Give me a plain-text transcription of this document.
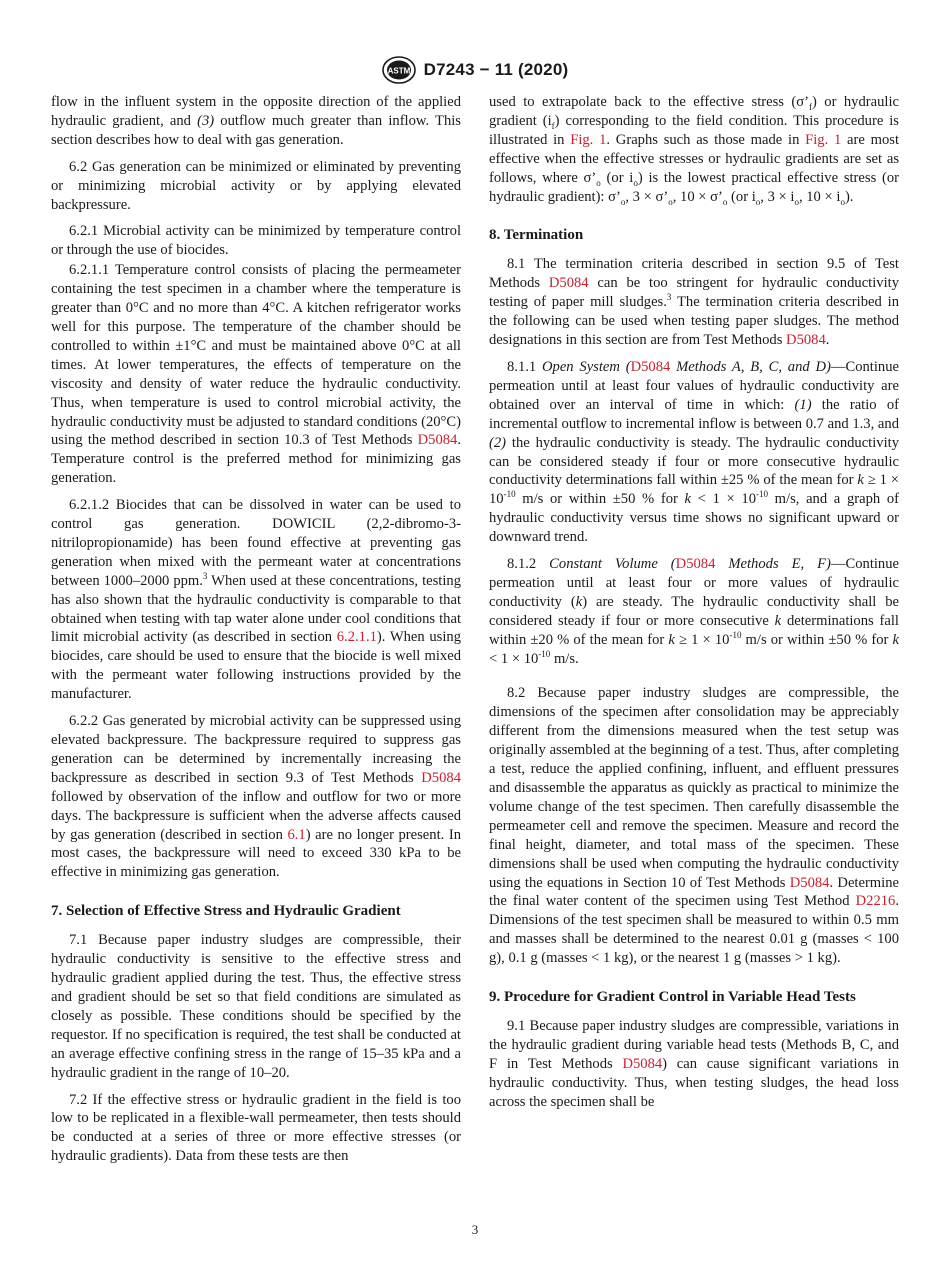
ASTM D7243 − 11 (2020)

flow in the influent system in the opposite direction of the applied hydraulic gradient, and (3) outflow much greater than inflow. This section describes how to deal with gas generation.

6.2 Gas generation can be minimized or eliminated by preventing or minimizing microbial activity or by applying elevated backpressure.

6.2.1 Microbial activity can be minimized by temperature control or through the use of biocides.

6.2.1.1 Temperature control consists of placing the permeameter containing the test specimen in a chamber where the temperature is greater than 0°C and no more than 4°C. A kitchen refrigerator works well for this purpose. The temperature of the chamber should be controlled to within ±1°C and must be maintained above 0°C at all times. At lower temperatures, the effects of temperature on the viscosity and density of water reduce the hydraulic conductivity. Thus, when temperature is used to control microbial activity, the hydraulic conductivity must be adjusted to standard conditions (20°C) using the method described in section 10.3 of Test Methods D5084. Temperature control is the preferred method for minimizing gas generation.

6.2.1.2 Biocides that can be dissolved in water can be used to control gas generation. DOWICIL (2,2-dibromo-3-nitrilopropionamide) has been found effective at preventing gas generation when mixed with the permeant water at concentrations between 1000–2000 ppm.$^3$ When used at these concentrations, testing has also shown that the hydraulic conductivity is comparable to that obtained when testing with tap water alone under cool conditions that limit microbial activity (as described in section 6.2.1.1). When using biocides, care should be used to ensure that the biocide is well mixed with the permeant water following instructions provided by the manufacturer.

6.2.2 Gas generated by microbial activity can be suppressed using elevated backpressure. The backpressure required to suppress gas generation can be determined by incrementally increasing the backpressure as described in section 9.3 of Test Methods D5084 followed by observation of the inflow and outflow for two or more days. The backpressure is sufficient when the adverse affects caused by gas generation (described in section 6.1) are no longer present. In most cases, the backpressure will need to exceed 330 kPa to be effective in minimizing gas generation.

7. Selection of Effective Stress and Hydraulic Gradient

7.1 Because paper industry sludges are compressible, their hydraulic conductivity is sensitive to the effective stress and hydraulic gradient applied during the test. Thus, the effective stress and gradient should be set so that field conditions are simulated as closely as possible. These conditions should be specified by the requestor. If no specification is required, the test shall be conducted at an average effective confining stress in the range of 15–35 kPa and a hydraulic gradient in the range of 10–20.

7.2 If the effective stress or hydraulic gradient in the field is too low to be replicated in a flexible-wall permeameter, then tests should be conducted at a series of three or more effective stresses (or hydraulic gradients). Data from these tests are then

used to extrapolate back to the effective stress $(\sigma’_f)$ or hydraulic gradient $(i_f)$ corresponding to the field condition. This procedure is illustrated in Fig. 1. Graphs such as those made in Fig. 1 are most effective when the effective stresses or hydraulic gradients are set as follows, where $\sigma’_o$ (or $i_o$) is the lowest practical effective stress (or hydraulic gradient): $\sigma’_o$, $3 \times \sigma’_o$, $10 \times \sigma’_o$ (or $i_o$, $3 \times i_o$, $10 \times i_o$).

8. Termination

8.1 The termination criteria described in section 9.5 of Test Methods D5084 can be too stringent for hydraulic conductivity testing of paper mill sludges.$^3$ The termination criteria described in the following can be used when testing paper sludges. The method designations in this section are from Test Methods D5084.

8.1.1 Open System (D5084 Methods A, B, C, and D)—Continue permeation until at least four values of hydraulic conductivity are obtained over an interval of time in which: (1) the ratio of incremental outflow to incremental inflow is between 0.7 and 1.3, and (2) the hydraulic conductivity is steady. The hydraulic conductivity can be considered steady if four or more consecutive hydraulic conductivity determinations fall within ±25 % of the mean for $k \ge 1 \times 10^{-10}$ m/s or within ±50 % for $k < 1 \times 10^{-10}$ m/s, and a graph of hydraulic conductivity versus time shows no significant upward or downward trend.

8.1.2 Constant Volume (D5084 Methods E, F)—Continue permeation until at least four or more values of hydraulic conductivity (k) are steady. The hydraulic conductivity shall be considered steady if four or more consecutive k determinations fall within ±20 % of the mean for $k \ge 1 \times 10^{-10}$ m/s or within ±50 % for $k < 1 \times 10^{-10}$ m/s.

8.2 Because paper industry sludges are compressible, the dimensions of the specimen after consolidation may be appreciably different from the dimensions measured when the test setup was originally assembled at the beginning of a test. Thus, after completing a test, reduce the applied confining, influent, and effluent pressures and disassemble the apparatus as quickly as practical to minimize the volume change of the test specimen. Then carefully disassemble the permeameter cell and remove the specimen. Measure and record the final height, diameter, and total mass of the specimen. These dimensions shall be used when computing the hydraulic conductivity using the equations in Section 10 of Test Methods D5084. Determine the final water content of the specimen using Test Method D2216. Dimensions of the test specimen shall be measured to within 0.5 mm and masses shall be determined to the nearest 0.01 g (masses < 100 g), 0.1 g (masses < 1 kg), or the nearest 1 g (masses > 1 kg).

9. Procedure for Gradient Control in Variable Head Tests

9.1 Because paper industry sludges are compressible, variations in the hydraulic gradient during variable head tests (Methods B, C, and F in Test Methods D5084) can cause significant variations in hydraulic conductivity. Thus, when testing sludges, the head loss across the specimen shall be

3
